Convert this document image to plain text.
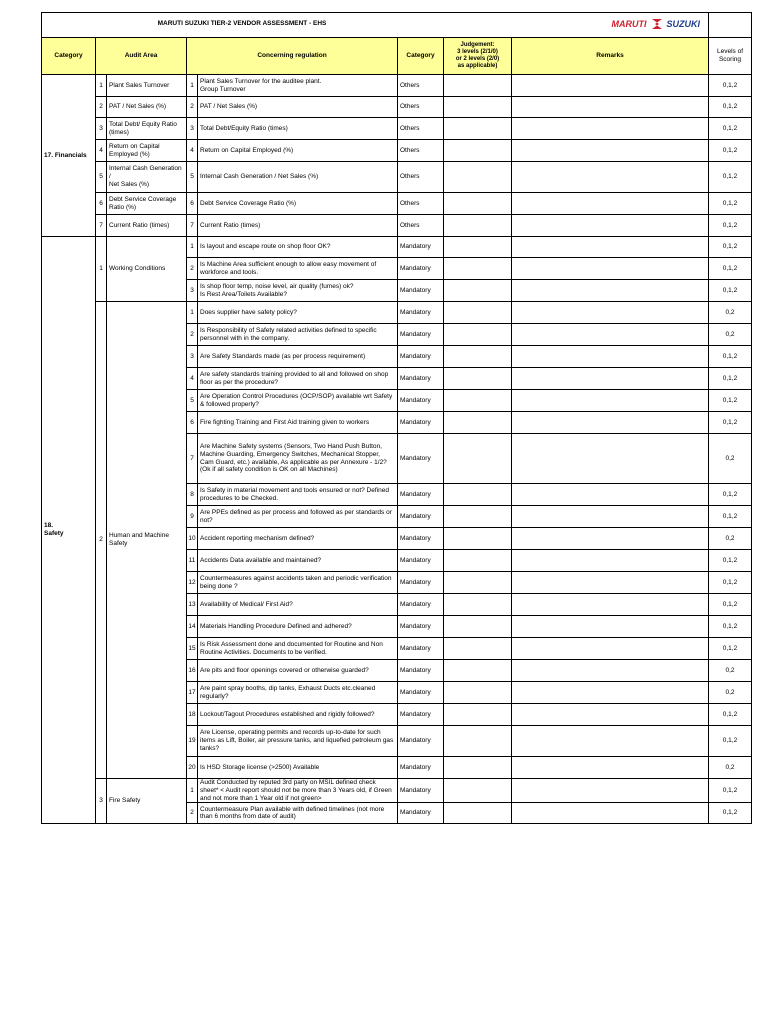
MARUTI SUZUKI TIER-2 VENDOR ASSESSMENT - EHS MARUTI SUZUKI								

Category	Audit Area		Concerning regulation		Category	Judgement:
3 levels (2/1/0)
or 2 levels (2/0)
as applicable)	Remarks	Levels of Scoring
17. Financials	1	Plant Sales Turnover	1	Plant Sales Turnover for the auditee plant.
Group Turnover	Others			0,1,2
	2	PAT / Net Sales (%)	2	PAT / Net Sales (%)	Others			0,1,2
	3	Total Debt/ Equity Ratio (times)	3	Total Debt/Equity Ratio (times)	Others			0,1,2
	4	Return on Capital Employed (%)	4	Return on Capital Employed (%)	Others			0,1,2
	5	Internal Cash Generation /
Net Sales (%)	5	Internal Cash Generation / Net Sales (%)	Others			0,1,2
	6	Debt Service Coverage Ratio (%)	6	Debt Service Coverage Ratio (%)	Others			0,1,2
	7	Current Ratio (times)	7	Current Ratio (times)	Others			0,1,2
18.
Safety	1	Working Conditions	1	Is layout and escape route on shop floor OK?	Mandatory			0,1,2
			2	Is Machine Area sufficient enough to allow easy movement of workforce and tools.	Mandatory			0,1,2
			3	Is shop floor temp, noise level, air quality (fumes) ok?
Is Rest Area/Toilets Available?	Mandatory			0,1,2
	2	Human and Machine Safety	1	Does supplier have safety policy?	Mandatory			0,2
			2	Is Responsibility of Safety related activities defined to specific personnel with in the company.	Mandatory			0,2
			3	Are Safety Standards made (as per process requirement)	Mandatory			0,1,2
			4	Are safety standards training provided to all and followed on shop floor as per the procedure?	Mandatory			0,1,2
			5	Are Operation Control Procedures (OCP/SOP) available wrt Safety & followed properly?	Mandatory			0,1,2
			6	Fire fighting Training and First Aid training given to workers	Mandatory			0,1,2
			7	Are Machine Safety systems (Sensors, Two Hand Push Button, Machine Guarding, Emergency Switches, Mechanical Stopper, Cam Guard, etc.) available, As applicable as per Annexure - 1/2? (Ok if all safety condition is OK on all Machines)	Mandatory			0,2
			8	Is Safety in material movement and tools ensured or not? Defined procedures to be Checked.	Mandatory			0,1,2
			9	Are PPEs defined as per process and followed as per standards or not?	Mandatory			0,1,2
			10	Accident reporting mechanism defined?	Mandatory			0,2
			11	Accidents Data available and maintained?	Mandatory			0,1,2
			12	Countermeasures against accidents taken and periodic verification being done ?	Mandatory			0,1,2
			13	Availability of Medical/ First Aid?	Mandatory			0,1,2
			14	Materials Handling Procedure Defined and adhered?	Mandatory			0,1,2
			15	Is Risk Assessment done and documented for Routine and Non Routine Activities. Documents to be verified.	Mandatory			0,1,2
			16	Are pits and floor openings covered or otherwise guarded?	Mandatory			0,2
			17	Are paint spray booths, dip tanks, Exhaust Ducts etc.cleaned regularly?	Mandatory			0,2
			18	Lockout/Tagout Procedures established and rigidly followed?	Mandatory			0,1,2
			19	Are License, operating permits and records up-to-date for such items as Lift, Boiler, air pressure tanks, and liquefied petroleum gas tanks?	Mandatory			0,1,2
			20	Is HSD Storage license (>2500) Available	Mandatory			0,2
	3	Fire Safety	1	Audit Conducted by reputed 3rd party on MSIL defined check sheet* < Audit report should not be more than 3 Years old, if Green and not more than 1 Year old if not green>	Mandatory			0,1,2
			2	Countermeasure Plan available with defined timelines (not more than 6 months from date of audit)	Mandatory			0,1,2
